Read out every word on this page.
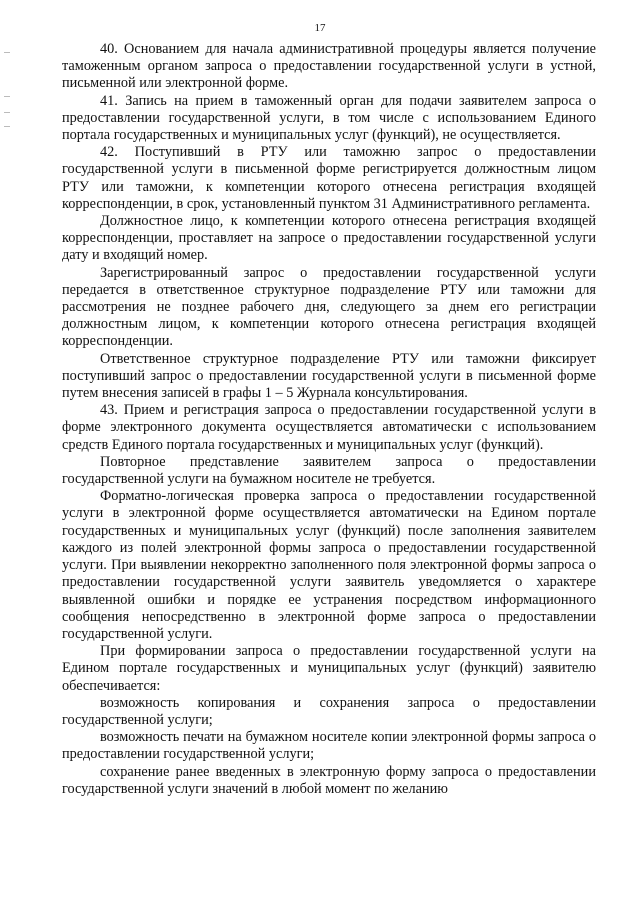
17

40. Основанием для начала административной процедуры является получение таможенным органом запроса о предоставлении государственной услуги в устной, письменной или электронной форме.

41. Запись на прием в таможенный орган для подачи заявителем запроса о предоставлении государственной услуги, в том числе с использованием Единого портала государственных и муниципальных услуг (функций), не осуществляется.

42. Поступивший в РТУ или таможню запрос о предоставлении государственной услуги в письменной форме регистрируется должностным лицом РТУ или таможни, к компетенции которого отнесена регистрация входящей корреспонденции, в срок, установленный пунктом 31 Административного регламента.

Должностное лицо, к компетенции которого отнесена регистрация входящей корреспонденции, проставляет на запросе о предоставлении государственной услуги дату и входящий номер.

Зарегистрированный запрос о предоставлении государственной услуги передается в ответственное структурное подразделение РТУ или таможни для рассмотрения не позднее рабочего дня, следующего за днем его регистрации должностным лицом, к компетенции которого отнесена регистрация входящей корреспонденции.

Ответственное структурное подразделение РТУ или таможни фиксирует поступивший запрос о предоставлении государственной услуги в письменной форме путем внесения записей в графы 1 – 5 Журнала консультирования.

43. Прием и регистрация запроса о предоставлении государственной услуги в форме электронного документа осуществляется автоматически с использованием средств Единого портала государственных и муниципальных услуг (функций).

Повторное представление заявителем запроса о предоставлении государственной услуги на бумажном носителе не требуется.

Форматно-логическая проверка запроса о предоставлении государственной услуги в электронной форме осуществляется автоматически на Едином портале государственных и муниципальных услуг (функций) после заполнения заявителем каждого из полей электронной формы запроса о предоставлении государственной услуги. При выявлении некорректно заполненного поля электронной формы запроса о предоставлении государственной услуги заявитель уведомляется о характере выявленной ошибки и порядке ее устранения посредством информационного сообщения непосредственно в электронной форме запроса о предоставлении государственной услуги.

При формировании запроса о предоставлении государственной услуги на Едином портале государственных и муниципальных услуг (функций) заявителю обеспечивается:

возможность копирования и сохранения запроса о предоставлении государственной услуги;

возможность печати на бумажном носителе копии электронной формы запроса о предоставлении государственной услуги;

сохранение ранее введенных в электронную форму запроса о предоставлении государственной услуги значений в любой момент по желанию
